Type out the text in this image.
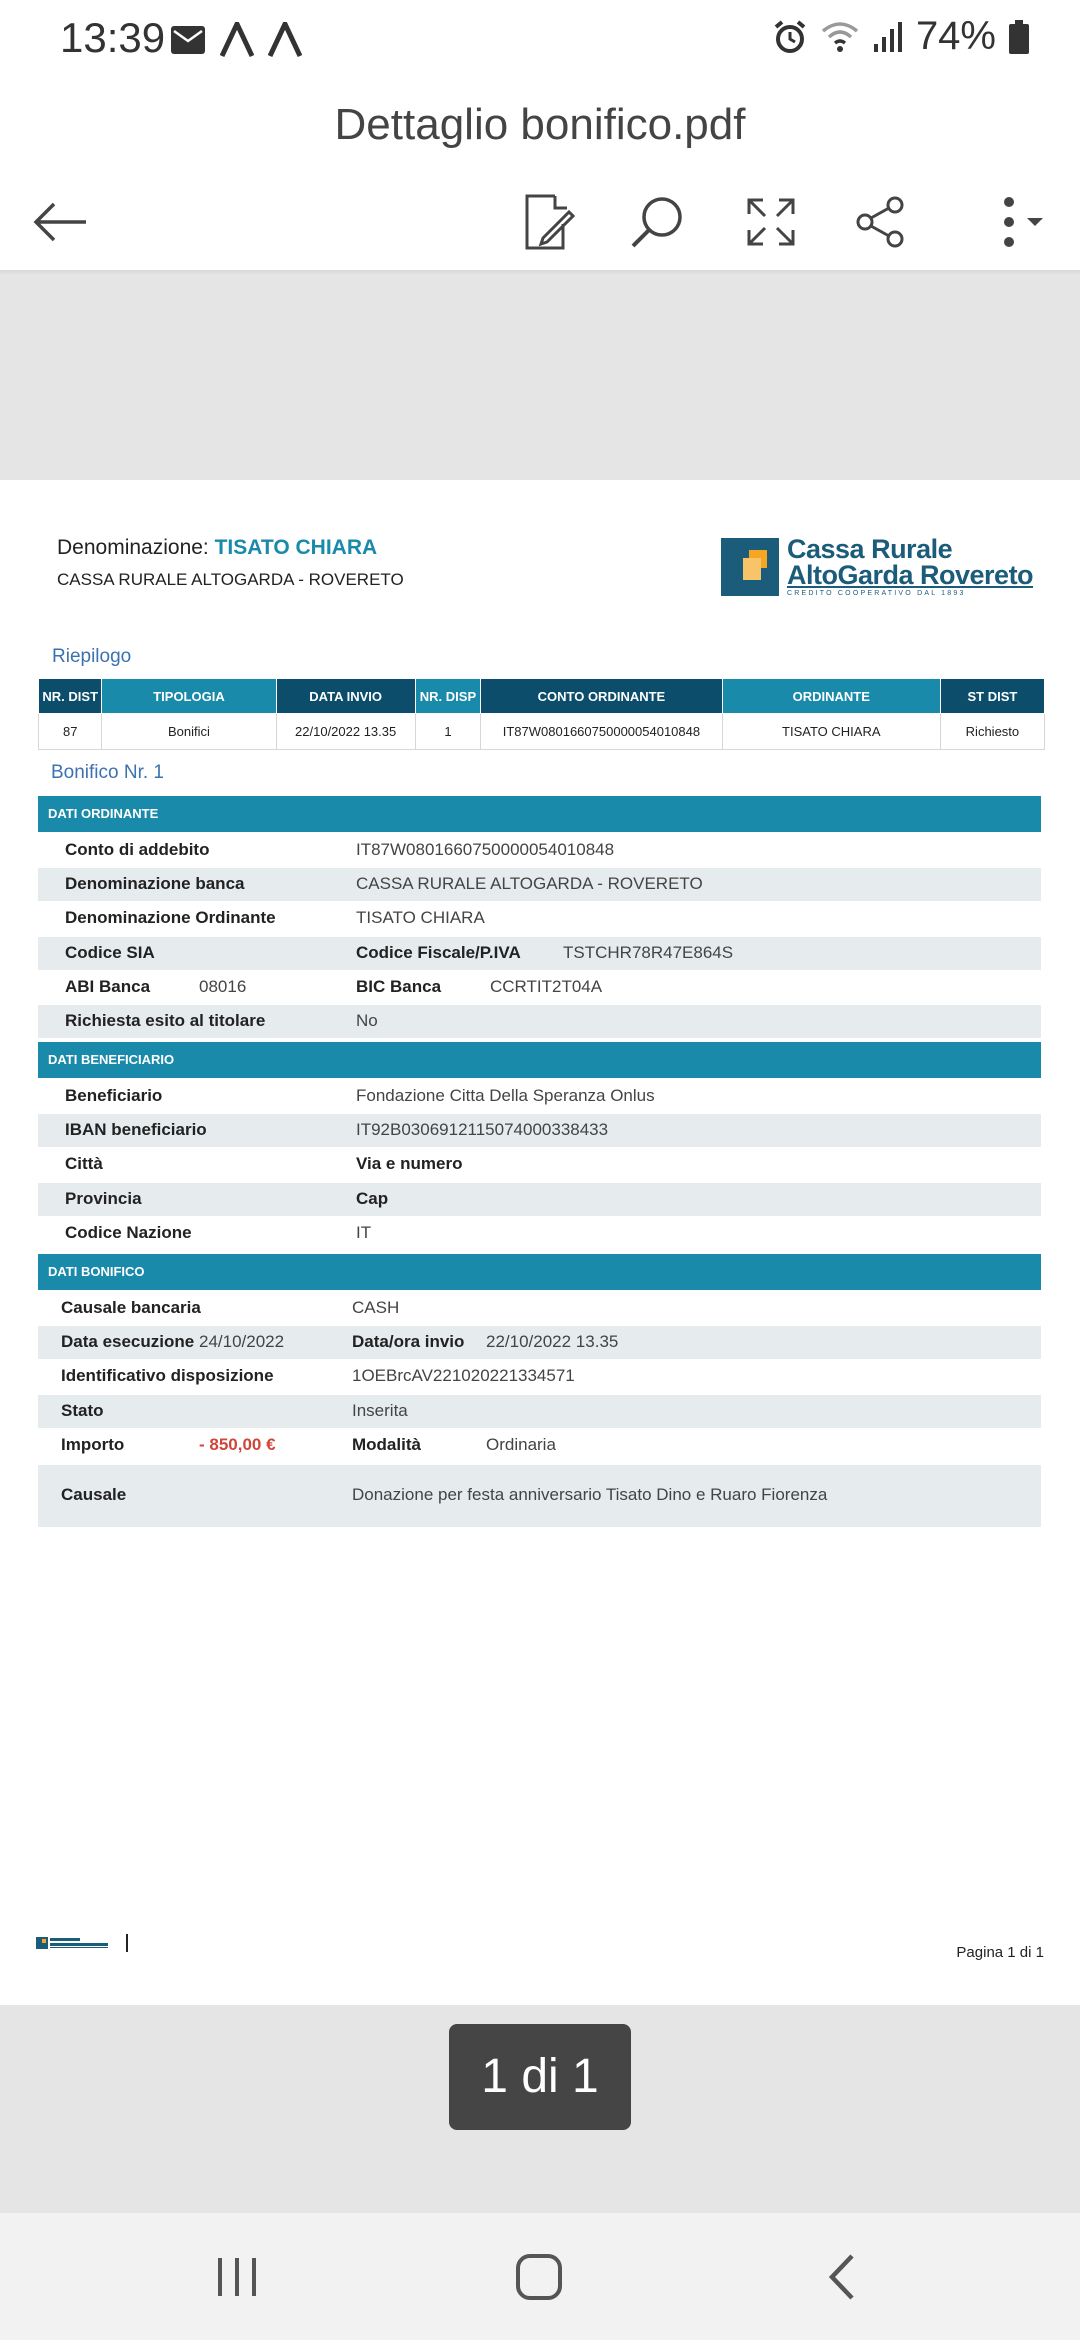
13:39	74%
Dettaglio bonifico.pdf
Denominazione: TISATO CHIARA
CASSA RURALE ALTOGARDA - ROVERETO
Cassa Rurale
AltoGarda Rovereto
CREDITO COOPERATIVO DAL 1893
Riepilogo
NR. DIST	TIPOLOGIA	DATA INVIO	NR. DISP	CONTO ORDINANTE	ORDINANTE	ST DIST
87	Bonifici	22/10/2022 13.35	1	IT87W0801660750000054010848	TISATO CHIARA	Richiesto
Bonifico Nr. 1
DATI ORDINANTE
Conto di addebito	IT87W0801660750000054010848
Denominazione banca	CASSA RURALE ALTOGARDA - ROVERETO
Denominazione Ordinante	TISATO CHIARA
Codice SIA	Codice Fiscale/P.IVA TSTCHR78R47E864S
ABI Banca	08016	BIC Banca	CCRTIT2T04A
Richiesta esito al titolare	No
DATI BENEFICIARIO
Beneficiario	Fondazione Citta Della Speranza Onlus
IBAN beneficiario	IT92B0306912115074000338433
Città	Via e numero
Provincia	Cap
Codice Nazione	IT
DATI BONIFICO
Causale bancaria	CASH
Data esecuzione 24/10/2022	Data/ora invio 22/10/2022 13.35
Identificativo disposizione	1OEBrcAV221020221334571
Stato	Inserita
Importo	- 850,00 €	Modalità	Ordinaria
Causale	Donazione per festa anniversario Tisato Dino e Ruaro Fiorenza
Pagina 1 di 1
1 di 1
